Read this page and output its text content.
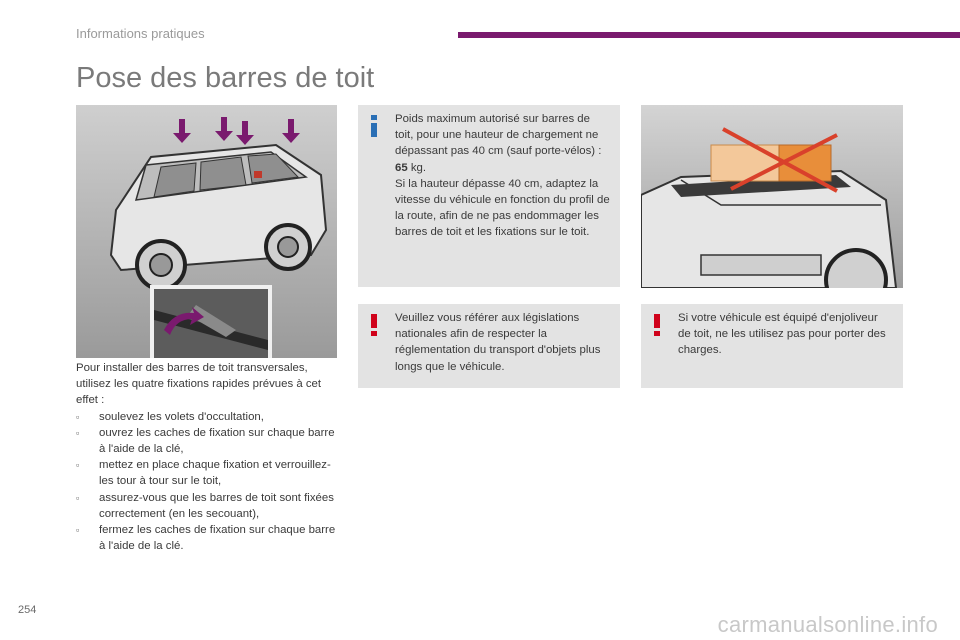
Informations pratiques
Pose des barres de toit

Poids maximum autorisé sur barres de toit, pour une hauteur de chargement ne dépassant pas 40 cm (sauf porte-vélos) : 65 kg.

Si la hauteur dépasse 40 cm, adaptez la vitesse du véhicule en fonction du profil de la route, afin de ne pas endommager les barres de toit et les fixations sur le toit.

Veuillez vous référer aux législations nationales afin de respecter la réglementation du transport d'objets plus longs que le véhicule.
Si votre véhicule est équipé d'enjoliveur de toit, ne les utilisez pas pour porter des charges.

Pour installer des barres de toit transversales, utilisez les quatre fixations rapides prévues à cet effet :

▫ soulevez les volets d'occultation,
▫ ouvrez les caches de fixation sur chaque barre à l'aide de la clé,
▫ mettez en place chaque fixation et verrouillez-les tour à tour sur le toit,
▫ assurez-vous que les barres de toit sont fixées correctement (en les secouant),
▫ fermez les caches de fixation sur chaque barre à l'aide de la clé.
254
carmanualsonline.info
